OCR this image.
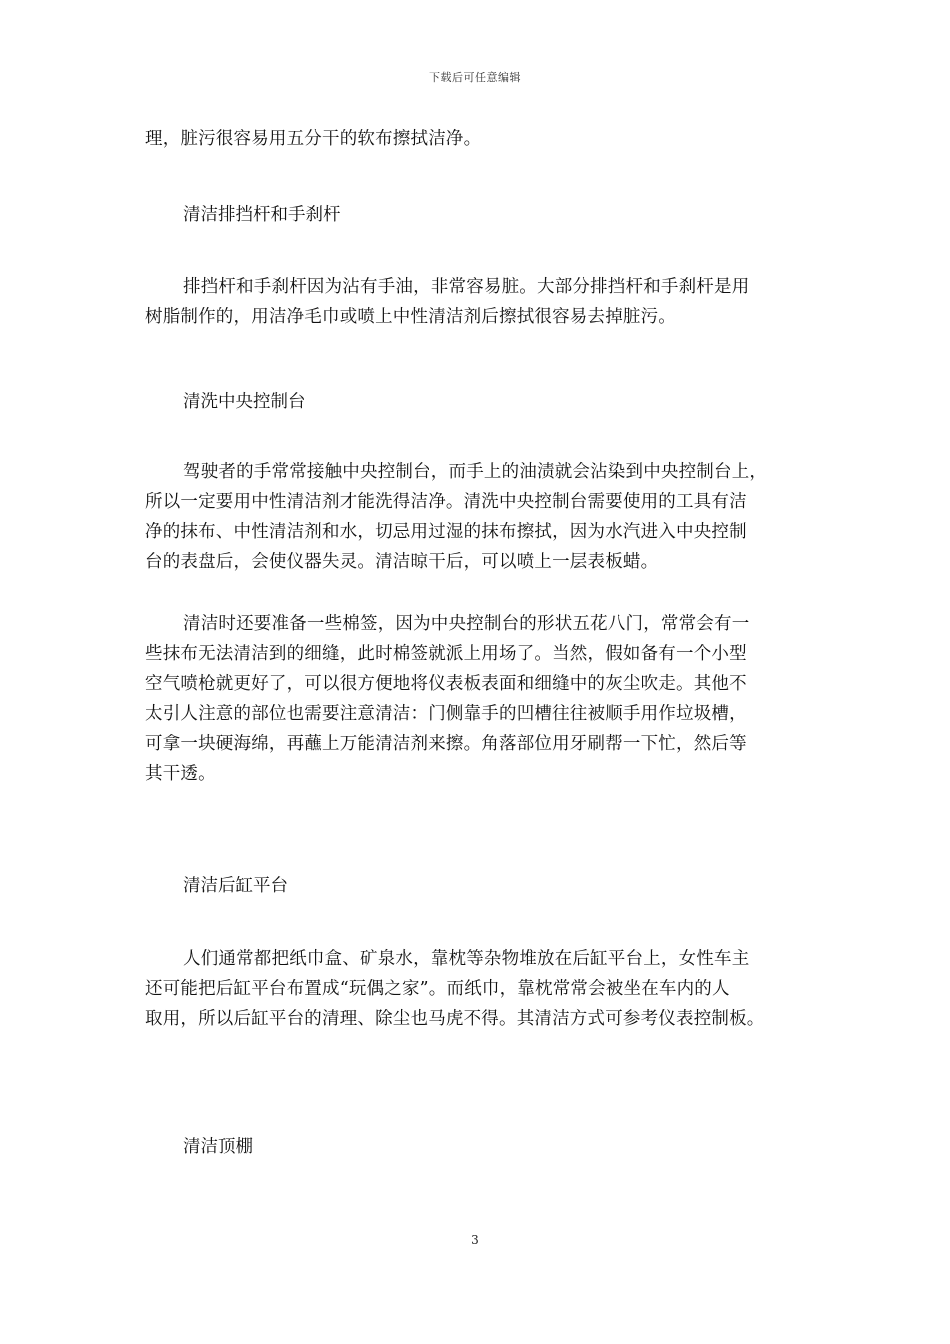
下载后可任意编辑
理，脏污很容易用五分干的软布擦拭洁净。
清洁排挡杆和手刹杆
排挡杆和手刹杆因为沾有手油，非常容易脏。大部分排挡杆和手刹杆是用
树脂制作的，用洁净毛巾或喷上中性清洁剂后擦拭很容易去掉脏污。
清洗中央控制台
驾驶者的手常常接触中央控制台，而手上的油渍就会沾染到中央控制台上，
所以一定要用中性清洁剂才能洗得洁净。清洗中央控制台需要使用的工具有洁
净的抹布、中性清洁剂和水，切忌用过湿的抹布擦拭，因为水汽进入中央控制
台的表盘后，会使仪器失灵。清洁晾干后，可以喷上一层表板蜡。
清洁时还要准备一些棉签，因为中央控制台的形状五花八门，常常会有一
些抹布无法清洁到的细缝，此时棉签就派上用场了。当然，假如备有一个小型
空气喷枪就更好了，可以很方便地将仪表板表面和细缝中的灰尘吹走。其他不
太引人注意的部位也需要注意清洁：门侧靠手的凹槽往往被顺手用作垃圾槽，
可拿一块硬海绵，再蘸上万能清洁剂来擦。角落部位用牙刷帮一下忙，然后等
其干透。
清洁后缸平台
人们通常都把纸巾盒、矿泉水，靠枕等杂物堆放在后缸平台上，女性车主
还可能把后缸平台布置成“玩偶之家”。而纸巾，靠枕常常会被坐在车内的人
取用，所以后缸平台的清理、除尘也马虎不得。其清洁方式可参考仪表控制板。
清洁顶棚
3
